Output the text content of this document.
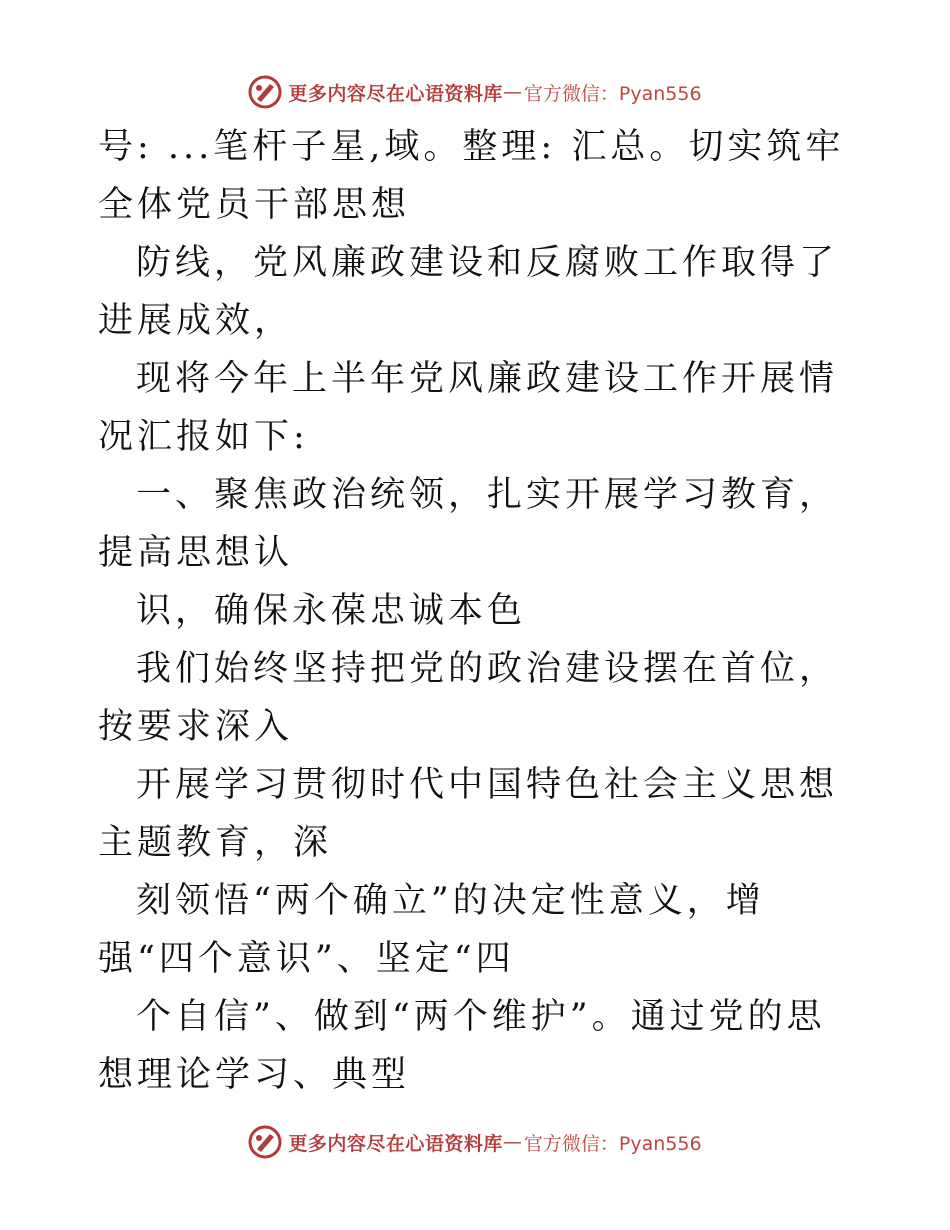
更多内容尽在心语资料库 — 官方微信：Pyan556

号: ...笔杆子星,域。整理: 汇总。切实筑牢全体党员干部思想

防线，党风廉政建设和反腐败工作取得了进展成效，

现将今年上半年党风廉政建设工作开展情况汇报如下:

一、聚焦政治统领，扎实开展学习教育，提高思想认

识，确保永葆忠诚本色

我们始终坚持把党的政治建设摆在首位，按要求深入

开展学习贯彻时代中国特色社会主义思想主题教育，深

刻领悟“两个确立”的决定性意义，增强“四个意识”、坚定“四

个自信”、做到“两个维护”。通过党的思想理论学习、典型

更多内容尽在心语资料库 — 官方微信：Pyan556
